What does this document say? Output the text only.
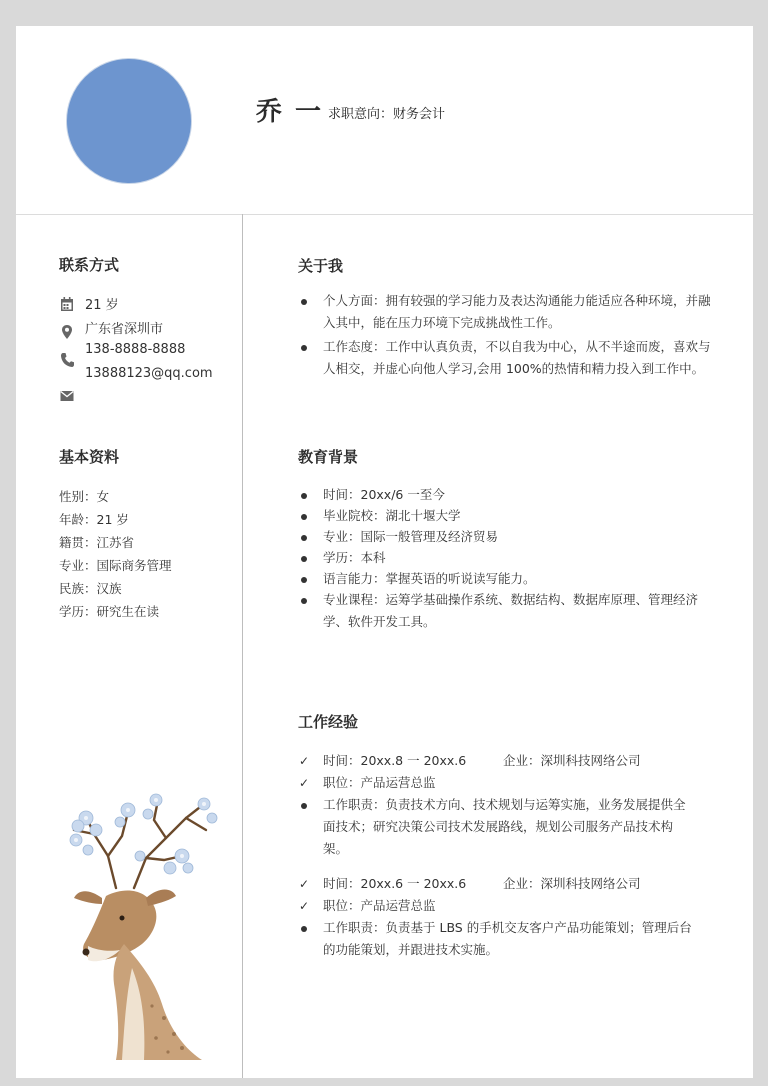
乔 一 求职意向：财务会计
联系方式
21 岁
广东省深圳市
138-8888-8888
13888123@qq.com
基本资料
性别：女
年龄：21 岁
籍贯：江苏省
专业：国际商务管理
民族：汉族
学历：研究生在读
关于我
个人方面：拥有较强的学习能力及表达沟通能力能适应各种环境，并融入其中，能在压力环境下完成挑战性工作。
工作态度：工作中认真负责，不以自我为中心，从不半途而废，喜欢与人相交，并虚心向他人学习,会用 100%的热情和精力投入到工作中。
教育背景
时间：20xx/6 一至今
毕业院校：湖北十堰大学
专业：国际一般管理及经济贸易
学历：本科
语言能力：掌握英语的听说读写能力。
专业课程：运筹学基础操作系统、数据结构、数据库原理、管理经济学、软件开发工具。
工作经验
✓ 时间：20xx.8 一 20xx.6	企业：深圳科技网络公司
✓ 职位：产品运营总监
工作职责：负责技术方向、技术规划与运筹实施，业务发展提供全面技术；研究决策公司技术发展路线，规划公司服务产品技术构架。
✓ 时间：20xx.6 一 20xx.6	企业：深圳科技网络公司
✓ 职位：产品运营总监
工作职责：负责基于 LBS 的手机交友客户产品功能策划；管理后台的功能策划，并跟进技术实施。
